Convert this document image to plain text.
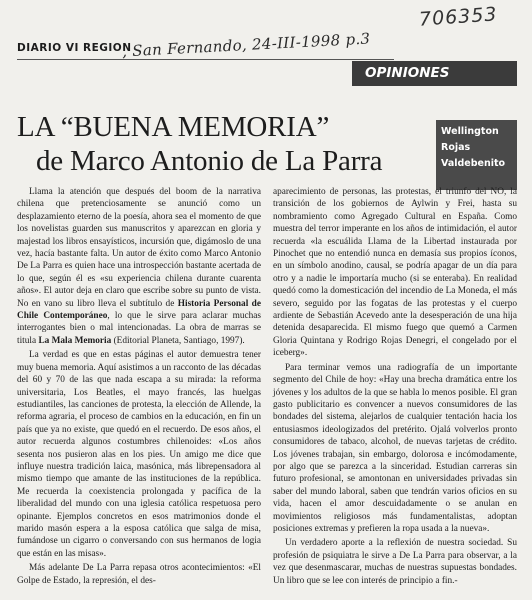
706353
DIARIO VI REGION
, San Fernando, 24-III-1998 p.3
OPINIONES
LA “BUENA MEMORIA”
de Marco Antonio de La Parra
Wellington
Rojas
Valdebenito

Llama la atención que después del boom de la narrativa chilena que pretenciosamente se anunció como un desplazamiento eterno de la poesía, ahora sea el momento de que los novelistas guarden sus manuscritos y aparezcan en gloria y majestad los libros ensayísticos, incursión que, digámoslo de una vez, hacía bastante falta. Un autor de éxito como Marco Antonio De La Parra es quien hace una introspección bastante acertada de lo que, según él es «su experiencia chilena durante cuarenta años». El autor deja en claro que escribe sobre su punto de vista. No en vano su libro lleva el subtítulo de Historia Personal de Chile Contemporáneo, lo que le sirve para aclarar muchas interrogantes bien o mal intencionadas. La obra de marras se titula La Mala Memoria (Editorial Planeta, Santiago, 1997).

La verdad es que en estas páginas el autor demuestra tener muy buena memoria. Aquí asistimos a un racconto de las décadas del 60 y 70 de las que nada escapa a su mirada: la reforma universitaria, Los Beatles, el mayo francés, las huelgas estudiantiles, las canciones de protesta, la elección de Allende, la reforma agraria, el proceso de cambios en la educación, en fin un país que ya no existe, que quedó en el recuerdo. De esos años, el autor recuerda algunos costumbres chilenoides: «Los años sesenta nos pusieron alas en los pies. Un amigo me dice que influye nuestra tradición laica, masónica, más librepensadora al mismo tiempo que amante de las instituciones de la república. Me recuerda la coexistencia prolongada y pacífica de la liberalidad del mundo con una iglesia católica respetuosa pero opinante. Ejemplos concretos en esos matrimonios donde el marido masón espera a la esposa católica que salga de misa, fumándose un cigarro o conversando con sus hermanos de logia que están en las misas».

Más adelante De La Parra repasa otros acontecimientos: «El Golpe de Estado, la represión, el des-

aparecimiento de personas, las protestas, el triunfo del NO, la transición de los gobiernos de Aylwin y Frei, hasta su nombramiento como Agregado Cultural en España. Como muestra del terror imperante en los años de intimidación, el autor recuerda «la escuálida Llama de la Libertad instaurada por Pinochet que no entendió nunca en demasía sus propios íconos, en un símbolo anodino, causal, se podría apagar de un día para otro y a nadie le importaría mucho (si se enteraba). En realidad quedó como la domesticación del incendio de La Moneda, el más severo, seguido por las fogatas de las protestas y el cuerpo ardiente de Sebastián Acevedo ante la desesperación de una hija detenida desaparecida. El mismo fuego que quemó a Carmen Gloria Quintana y Rodrigo Rojas Denegri, el congelado por el iceberg».

Para terminar vemos una radiografía de un importante segmento del Chile de hoy: «Hay una brecha dramática entre los jóvenes y los adultos de la que se habla lo menos posible. El gran gasto publicitario es convencer a nuevos consumidores de las bondades del sistema, alejarlos de cualquier tentación hacia los entusiasmos ideologizados del pretérito. Ojalá volverlos pronto consumidores de tabaco, alcohol, de nuevas tarjetas de crédito. Los jóvenes trabajan, sin embargo, dolorosa e incómodamente, por algo que se parezca a la sinceridad. Estudian carreras sin futuro profesional, se amontonan en universidades privadas sin saber del mundo laboral, saben que tendrán varios oficios en su vida, hacen el amor descuidadamente o se anulan en movimientos religiosos más fundamentalistas, adoptan posiciones extremas y prefieren la ropa usada a la nueva».

Un verdadero aporte a la reflexión de nuestra sociedad. Su profesión de psiquiatra le sirve a De La Parra para observar, a la vez que desenmascarar, muchas de nuestras supuestas bondades. Un libro que se lee con interés de principio a fin.-
